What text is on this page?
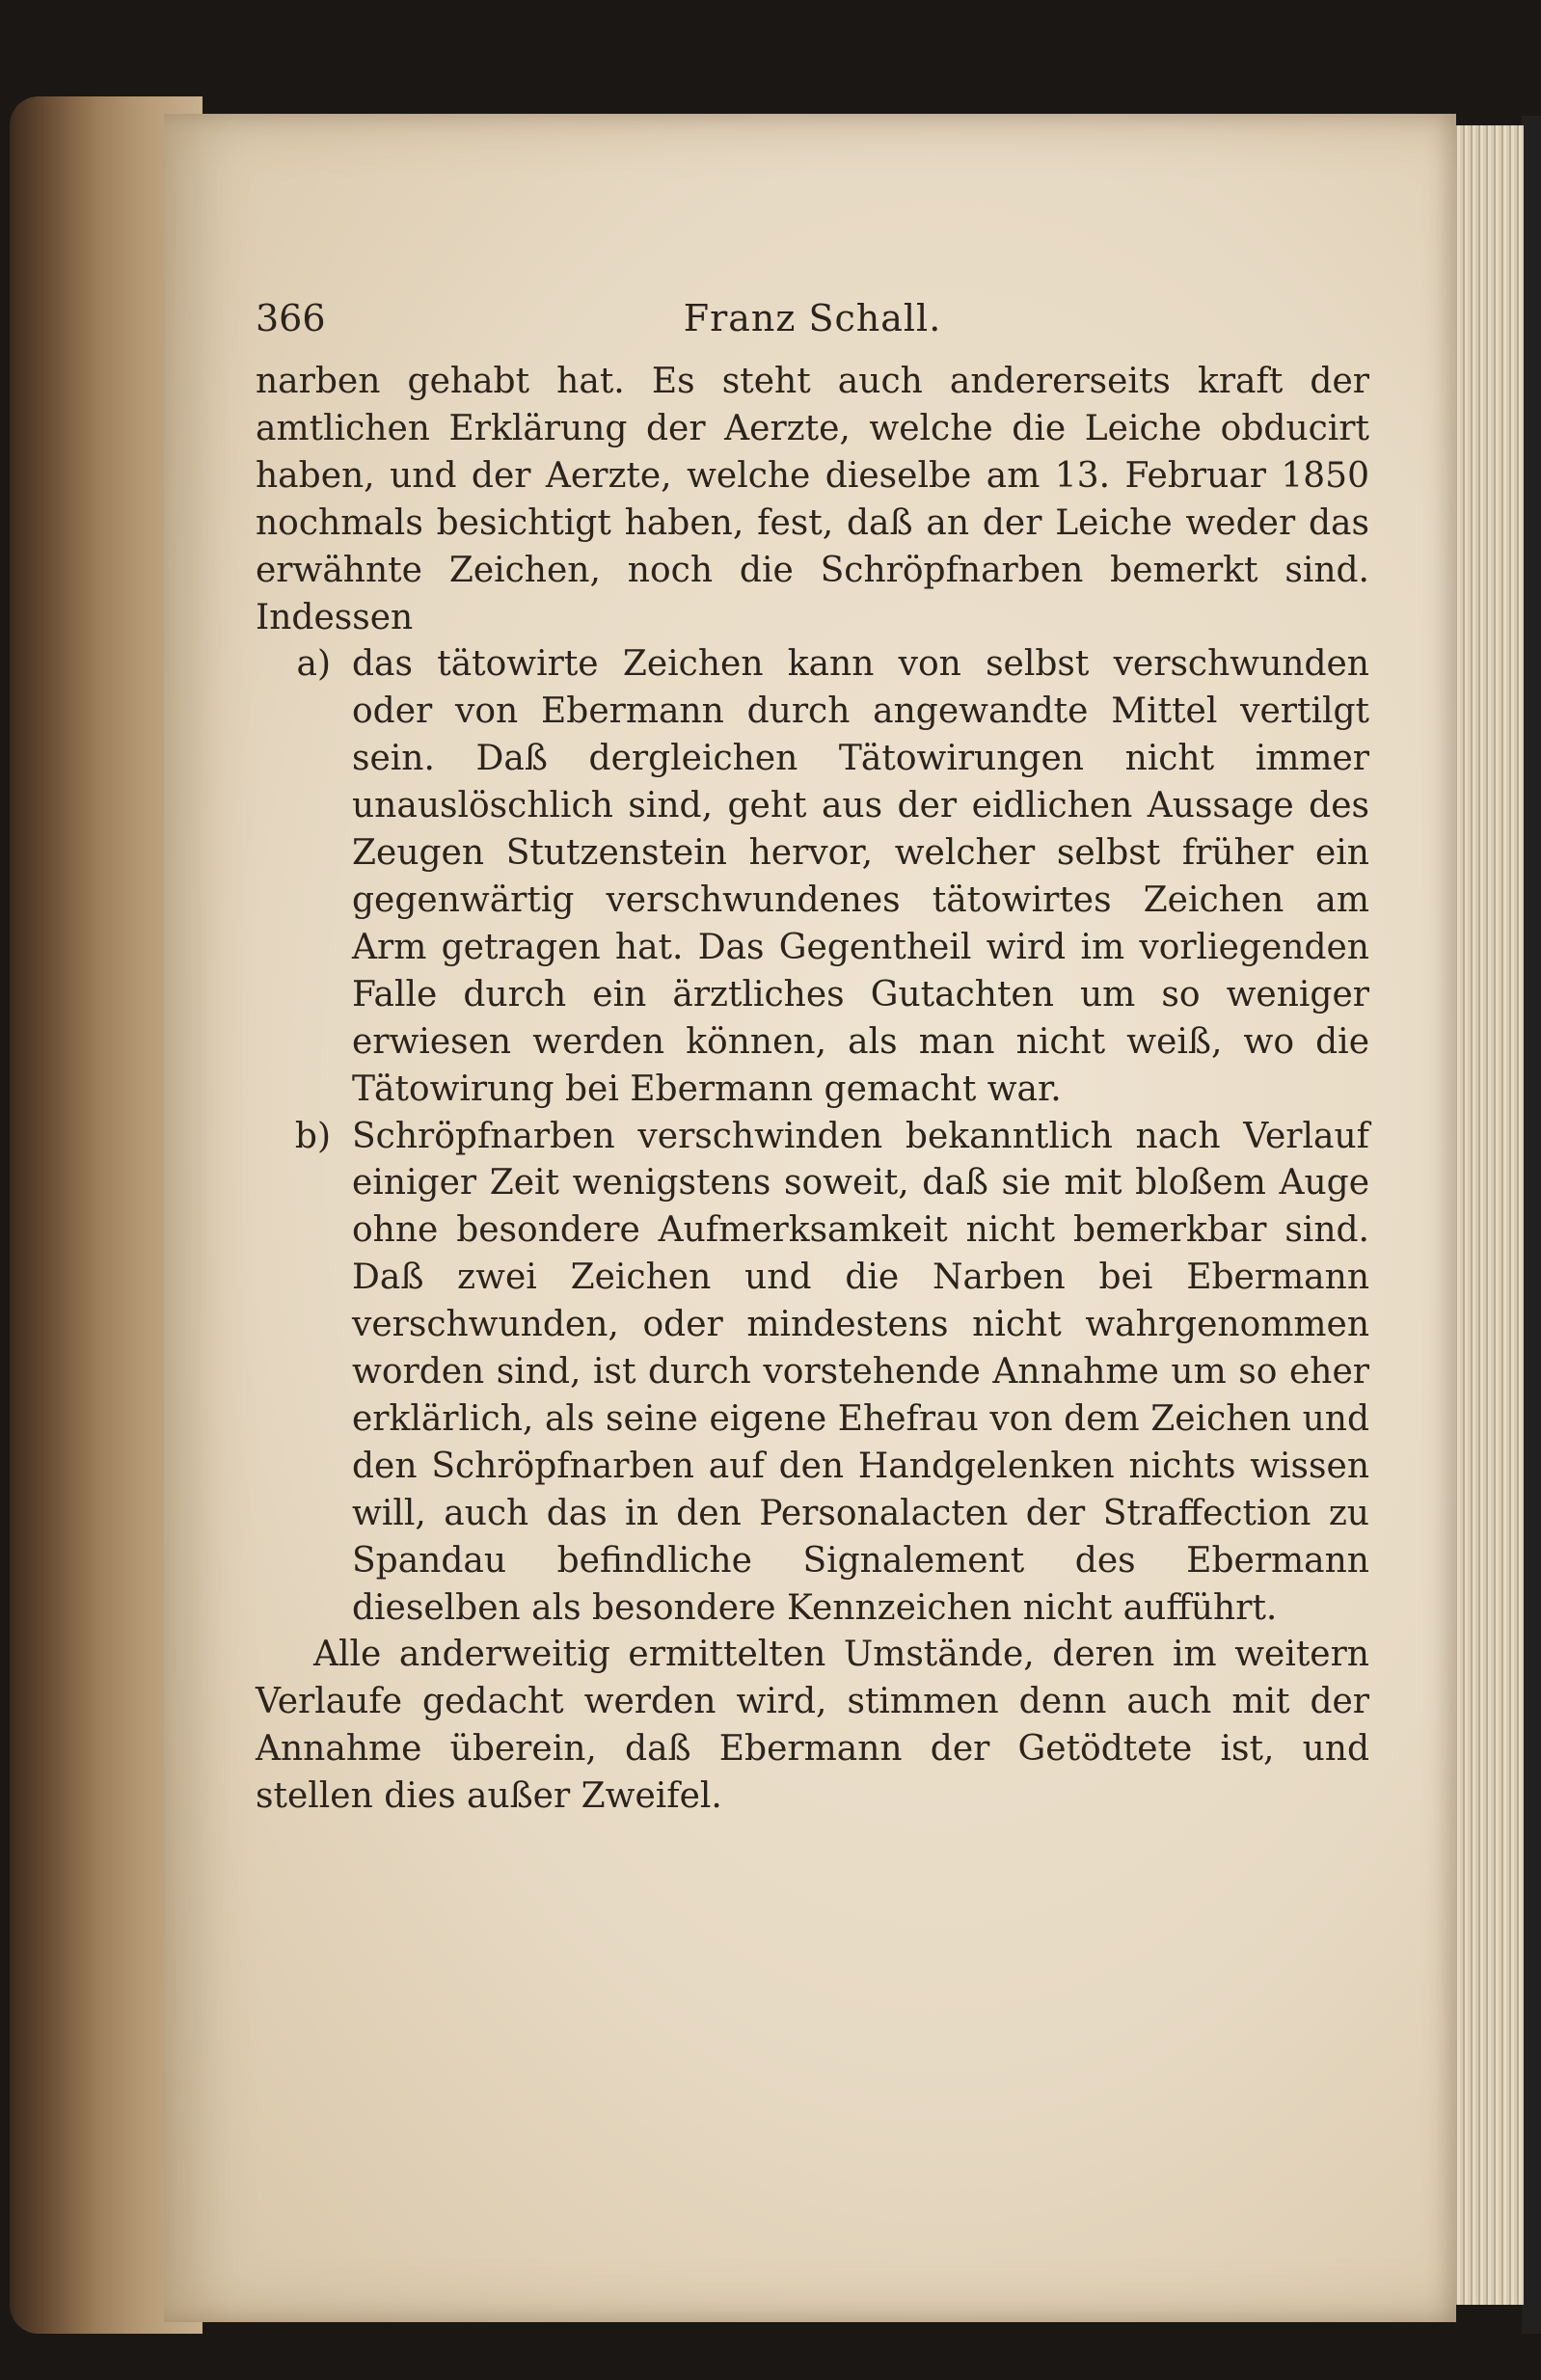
366	Franz Schall.

narben gehabt hat. Es steht auch andererseits kraft der amtlichen Erklärung der Aerzte, welche die Leiche obducirt haben, und der Aerzte, welche dieselbe am 13. Februar 1850 nochmals besichtigt haben, fest, daß an der Leiche weder das erwähnte Zeichen, noch die Schröpfnarben bemerkt sind. Indessen

a) das tätowirte Zeichen kann von selbst verschwunden oder von Ebermann durch angewandte Mittel vertilgt sein. Daß dergleichen Tätowirungen nicht immer unauslöschlich sind, geht aus der eidlichen Aussage des Zeugen Stutzenstein hervor, welcher selbst früher ein gegenwärtig verschwundenes tätowirtes Zeichen am Arm getragen hat. Das Gegentheil wird im vorliegenden Falle durch ein ärztliches Gutachten um so weniger erwiesen werden können, als man nicht weiß, wo die Tätowirung bei Ebermann gemacht war.
b) Schröpfnarben verschwinden bekanntlich nach Verlauf einiger Zeit wenigstens soweit, daß sie mit bloßem Auge ohne besondere Aufmerksamkeit nicht bemerkbar sind. Daß zwei Zeichen und die Narben bei Ebermann verschwunden, oder mindestens nicht wahrgenommen worden sind, ist durch vorstehende Annahme um so eher erklärlich, als seine eigene Ehefrau von dem Zeichen und den Schröpfnarben auf den Handgelenken nichts wissen will, auch das in den Personalacten der Straffection zu Spandau befindliche Signalement des Ebermann dieselben als besondere Kennzeichen nicht aufführt.

Alle anderweitig ermittelten Umstände, deren im weitern Verlaufe gedacht werden wird, stimmen denn auch mit der Annahme überein, daß Ebermann der Getödtete ist, und stellen dies außer Zweifel.
